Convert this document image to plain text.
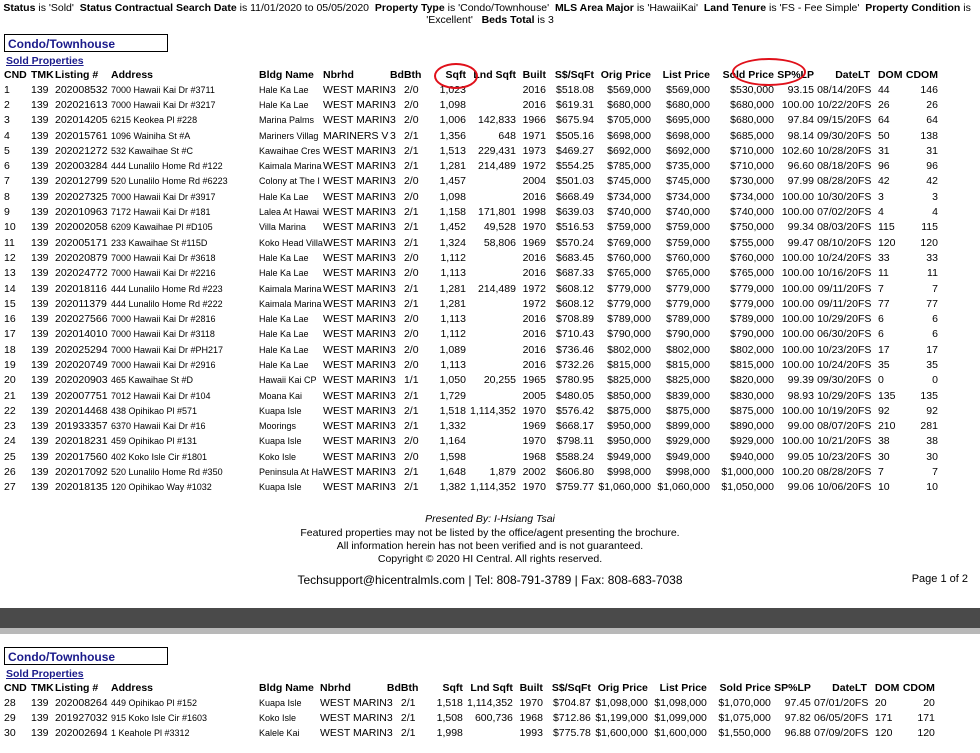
Status is 'Sold'  Status Contractual Search Date is 11/01/2020 to 05/05/2020  Property Type is 'Condo/Townhouse'  MLS Area Major is 'HawaiiKai'  Land Tenure is 'FS - Fee Simple'  Property Condition is
'Excellent' Beds Total is 3
Condo/Townhouse
Sold Properties
CND	TMK	Listing #	Address	Bldg Name	Nbrhd	Bd	Bth	Sqft	Lnd Sqft	Built	S$/SqFt	Orig Price	List Price	Sold Price	SP%LP	Date	LT	DOM	CDOM
1	139	202008532	7000 Hawaii Kai Dr #3711	Hale Ka Lae	WEST MARIN	3	2/0	1,023		2016	$518.08	$569,000	$569,000	$530,000	93.15	08/14/20	FS	44	146
2	139	202021613	7000 Hawaii Kai Dr #3217	Hale Ka Lae	WEST MARIN	3	2/0	1,098		2016	$619.31	$680,000	$680,000	$680,000	100.00	10/22/20	FS	26	26
3	139	202014205	6215 Keokea Pl #228	Marina Palms	WEST MARIN	3	2/0	1,006	142,833	1966	$675.94	$705,000	$695,000	$680,000	97.84	09/15/20	FS	64	64
4	139	202015761	1096 Wainiha St #A	Mariners Villag	MARINERS V	3	2/1	1,356	648	1971	$505.16	$698,000	$698,000	$685,000	98.14	09/30/20	FS	50	138
5	139	202021272	532 Kawaihae St #C	Kawaihae Cres	WEST MARIN	3	2/1	1,513	229,431	1973	$469.27	$692,000	$692,000	$710,000	102.60	10/28/20	FS	31	31
6	139	202003284	444 Lunalilo Home Rd #122	Kaimala Marina	WEST MARIN	3	2/1	1,281	214,489	1972	$554.25	$785,000	$735,000	$710,000	96.60	08/18/20	FS	96	96
7	139	202012799	520 Lunalilo Home Rd #6223	Colony at The I	WEST MARIN	3	2/0	1,457		2004	$501.03	$745,000	$745,000	$730,000	97.99	08/28/20	FS	42	42
8	139	202027325	7000 Hawaii Kai Dr #3917	Hale Ka Lae	WEST MARIN	3	2/0	1,098		2016	$668.49	$734,000	$734,000	$734,000	100.00	10/30/20	FS	3	3
9	139	202010963	7172 Hawaii Kai Dr #181	Lalea At Hawai	WEST MARIN	3	2/1	1,158	171,801	1998	$639.03	$740,000	$740,000	$740,000	100.00	07/02/20	FS	4	4
10	139	202002058	6209 Kawaihae Pl #D105	Villa Marina	WEST MARIN	3	2/1	1,452	49,528	1970	$516.53	$759,000	$759,000	$750,000	99.34	08/03/20	FS	115	115
11	139	202005171	233 Kawaihae St #115D	Koko Head Villa	WEST MARIN	3	2/1	1,324	58,806	1969	$570.24	$769,000	$759,000	$755,000	99.47	08/10/20	FS	120	120
12	139	202020879	7000 Hawaii Kai Dr #3618	Hale Ka Lae	WEST MARIN	3	2/0	1,112		2016	$683.45	$760,000	$760,000	$760,000	100.00	10/24/20	FS	33	33
13	139	202024772	7000 Hawaii Kai Dr #2216	Hale Ka Lae	WEST MARIN	3	2/0	1,113		2016	$687.33	$765,000	$765,000	$765,000	100.00	10/16/20	FS	11	11
14	139	202018116	444 Lunalilo Home Rd #223	Kaimala Marina	WEST MARIN	3	2/1	1,281	214,489	1972	$608.12	$779,000	$779,000	$779,000	100.00	09/11/20	FS	7	7
15	139	202011379	444 Lunalilo Home Rd #222	Kaimala Marina	WEST MARIN	3	2/1	1,281		1972	$608.12	$779,000	$779,000	$779,000	100.00	09/11/20	FS	77	77
16	139	202027566	7000 Hawaii Kai Dr #2816	Hale Ka Lae	WEST MARIN	3	2/0	1,113		2016	$708.89	$789,000	$789,000	$789,000	100.00	10/29/20	FS	6	6
17	139	202014010	7000 Hawaii Kai Dr #3118	Hale Ka Lae	WEST MARIN	3	2/0	1,112		2016	$710.43	$790,000	$790,000	$790,000	100.00	06/30/20	FS	6	6
18	139	202025294	7000 Hawaii Kai Dr #PH217	Hale Ka Lae	WEST MARIN	3	2/0	1,089		2016	$736.46	$802,000	$802,000	$802,000	100.00	10/23/20	FS	17	17
19	139	202020749	7000 Hawaii Kai Dr #2916	Hale Ka Lae	WEST MARIN	3	2/0	1,113		2016	$732.26	$815,000	$815,000	$815,000	100.00	10/24/20	FS	35	35
20	139	202020903	465 Kawaihae St #D	Hawaii Kai CP	WEST MARIN	3	1/1	1,050	20,255	1965	$780.95	$825,000	$825,000	$820,000	99.39	09/30/20	FS	0	0
21	139	202007751	7012 Hawaii Kai Dr #104	Moana Kai	WEST MARIN	3	2/1	1,729		2005	$480.05	$850,000	$839,000	$830,000	98.93	10/29/20	FS	135	135
22	139	202014468	438 Opihikao Pl #571	Kuapa Isle	WEST MARIN	3	2/1	1,518	1,114,352	1970	$576.42	$875,000	$875,000	$875,000	100.00	10/19/20	FS	92	92
23	139	201933357	6370 Hawaii Kai Dr #16	Moorings	WEST MARIN	3	2/1	1,332		1969	$668.17	$950,000	$899,000	$890,000	99.00	08/07/20	FS	210	281
24	139	202018231	459 Opihikao Pl #131	Kuapa Isle	WEST MARIN	3	2/0	1,164		1970	$798.11	$950,000	$929,000	$929,000	100.00	10/21/20	FS	38	38
25	139	202017560	402 Koko Isle Cir #1801	Koko Isle	WEST MARIN	3	2/0	1,598		1968	$588.24	$949,000	$949,000	$940,000	99.05	10/23/20	FS	30	30
26	139	202017092	520 Lunalilo Home Rd #350	Peninsula At Ha	WEST MARIN	3	2/1	1,648	1,879	2002	$606.80	$998,000	$998,000	$1,000,000	100.20	08/28/20	FS	7	7
27	139	202018135	120 Opihikao Way #1032	Kuapa Isle	WEST MARIN	3	2/1	1,382	1,114,352	1970	$759.77	$1,060,000	$1,060,000	$1,050,000	99.06	10/06/20	FS	10	10
Presented By: I-Hsiang Tsai
Featured properties may not be listed by the office/agent presenting the brochure.
All information herein has not been verified and is not guaranteed.
Copyright © 2020 HI Central. All rights reserved.
Techsupport@hicentralmls.com | Tel: 808-791-3789 | Fax: 808-683-7038	Page 1 of 2
Condo/Townhouse
Sold Properties
CND	TMK	Listing #	Address	Bldg Name	Nbrhd	Bd	Bth	Sqft	Lnd Sqft	Built	S$/SqFt	Orig Price	List Price	Sold Price	SP%LP	Date	LT	DOM	CDOM
28	139	202008264	449 Opihikao Pl #152	Kuapa Isle	WEST MARIN	3	2/1	1,518	1,114,352	1970	$704.87	$1,098,000	$1,098,000	$1,070,000	97.45	07/01/20	FS	20	20
29	139	201927032	915 Koko Isle Cir #1603	Koko Isle	WEST MARIN	3	2/1	1,508	600,736	1968	$712.86	$1,199,000	$1,099,000	$1,075,000	97.82	06/05/20	FS	171	171
30	139	202002694	1 Keahole Pl #3312	Kalele Kai	WEST MARIN	3	2/1	1,998		1993	$775.78	$1,600,000	$1,600,000	$1,550,000	96.88	07/09/20	FS	120	120
